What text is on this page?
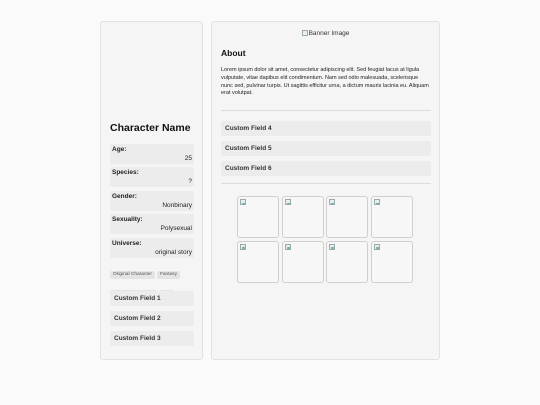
Character Name
Age:
25
Species:
?
Gender:
Nonbinary
Sexuality:
Polysexual
Universe:
original story
Original Character Fantasy

Custom Field 1
Custom Field 2
Custom Field 3
Banner Image
About

Lorem ipsum dolor sit amet, consectetur adipiscing elit. Sed feugiat lacus at ligula vulputate, vitae dapibus elit condimentum. Nam sed odio malesuada, scelerisque nunc sed, pulvinar turpis. Ut sagittis efficitur urna, a dictum mauris lacinia eu. Aliquam erat volutpat.

Custom Field 4
Custom Field 5
Custom Field 6
